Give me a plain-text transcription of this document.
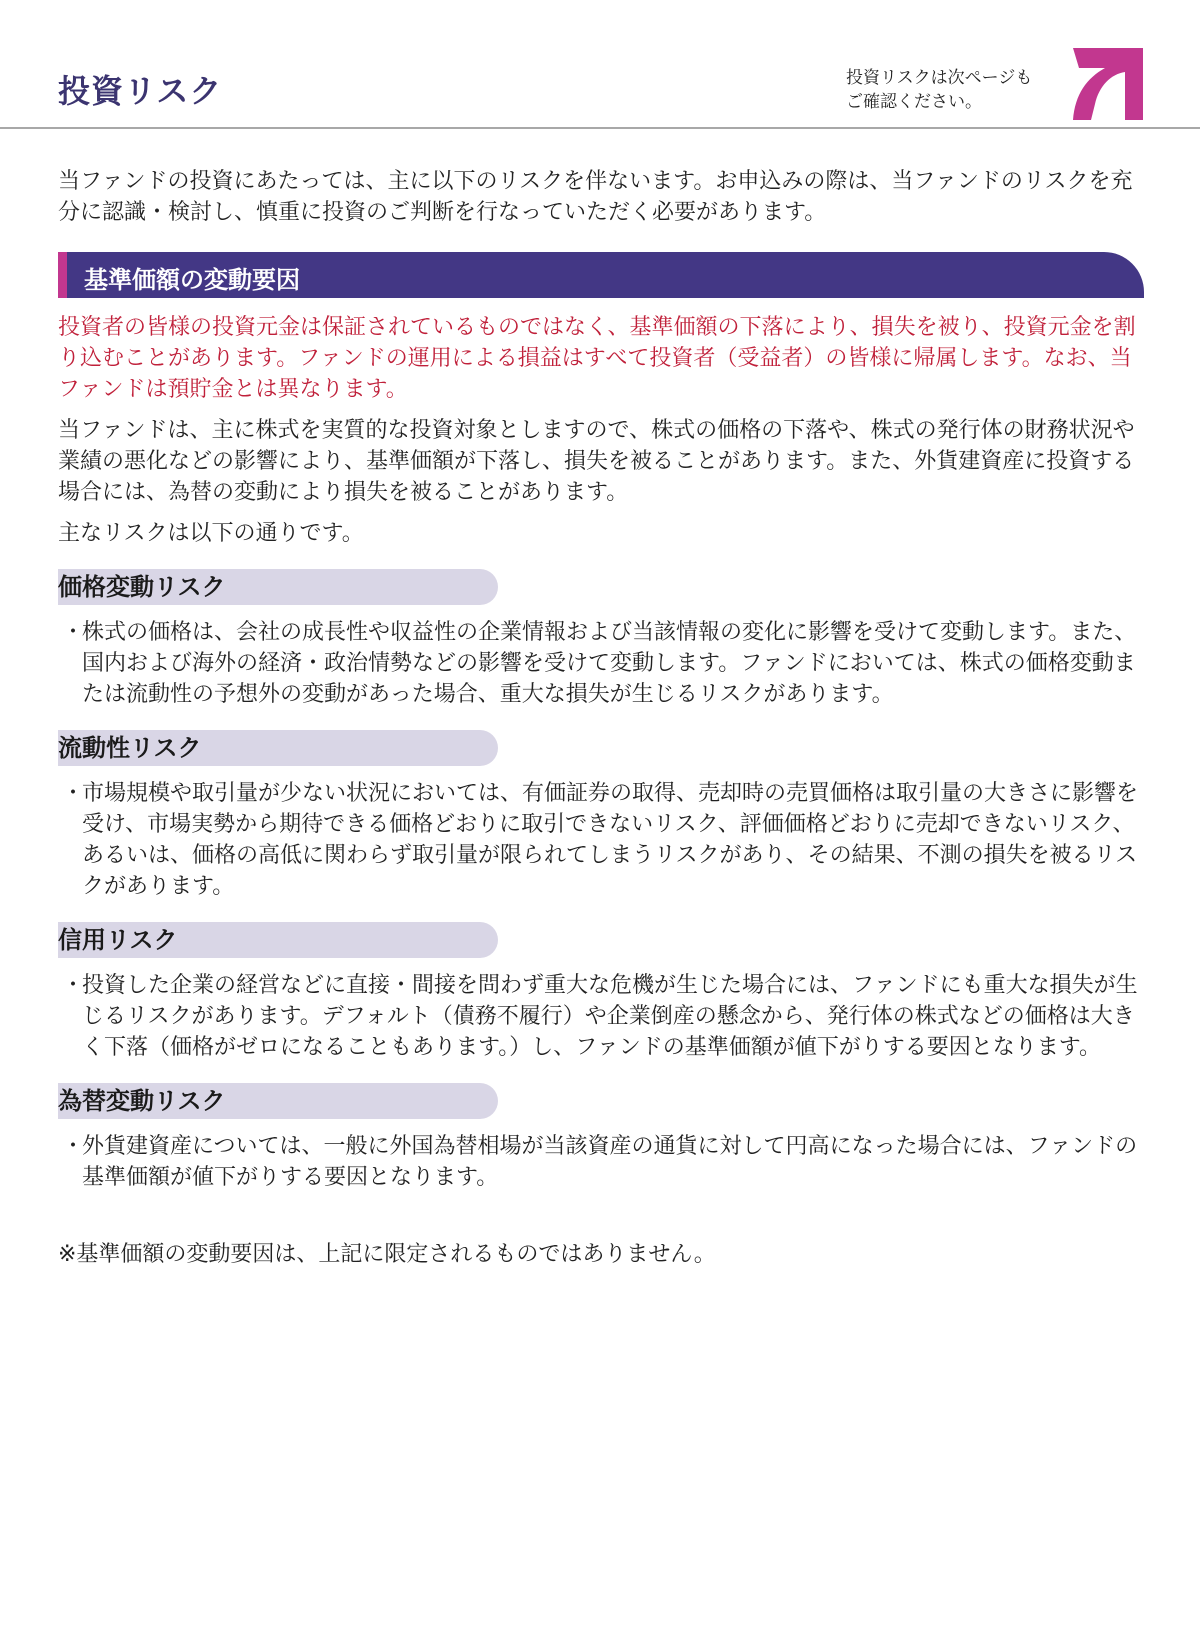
投資リスク	投資リスクは次ページも
ご確認ください。

当ファンドの投資にあたっては、主に以下のリスクを伴ないます。お申込みの際は、当ファンドのリスクを充分に認識・検討し、慎重に投資のご判断を行なっていただく必要があります。

基準価額の変動要因

投資者の皆様の投資元金は保証されているものではなく、基準価額の下落により、損失を被り、投資元金を割り込むことがあります。ファンドの運用による損益はすべて投資者（受益者）の皆様に帰属します。なお、当ファンドは預貯金とは異なります。

当ファンドは、主に株式を実質的な投資対象としますので、株式の価格の下落や、株式の発行体の財務状況や業績の悪化などの影響により、基準価額が下落し、損失を被ることがあります。また、外貨建資産に投資する場合には、為替の変動により損失を被ることがあります。

主なリスクは以下の通りです。

価格変動リスク
・

株式の価格は、会社の成長性や収益性の企業情報および当該情報の変化に影響を受けて変動します。また、国内および海外の経済・政治情勢などの影響を受けて変動します。ファンドにおいては、株式の価格変動または流動性の予想外の変動があった場合、重大な損失が生じるリスクがあります。

流動性リスク
・

市場規模や取引量が少ない状況においては、有価証券の取得、売却時の売買価格は取引量の大きさに影響を受け、市場実勢から期待できる価格どおりに取引できないリスク、評価価格どおりに売却できないリスク、あるいは、価格の高低に関わらず取引量が限られてしまうリスクがあり、その結果、不測の損失を被るリスクがあります。

信用リスク
・

投資した企業の経営などに直接・間接を問わず重大な危機が生じた場合には、ファンドにも重大な損失が生じるリスクがあります。デフォルト（債務不履行）や企業倒産の懸念から、発行体の株式などの価格は大きく下落（価格がゼロになることもあります。）し、ファンドの基準価額が値下がりする要因となります。

為替変動リスク
・

外貨建資産については、一般に外国為替相場が当該資産の通貨に対して円高になった場合には、ファンドの基準価額が値下がりする要因となります。

※基準価額の変動要因は、上記に限定されるものではありません。
